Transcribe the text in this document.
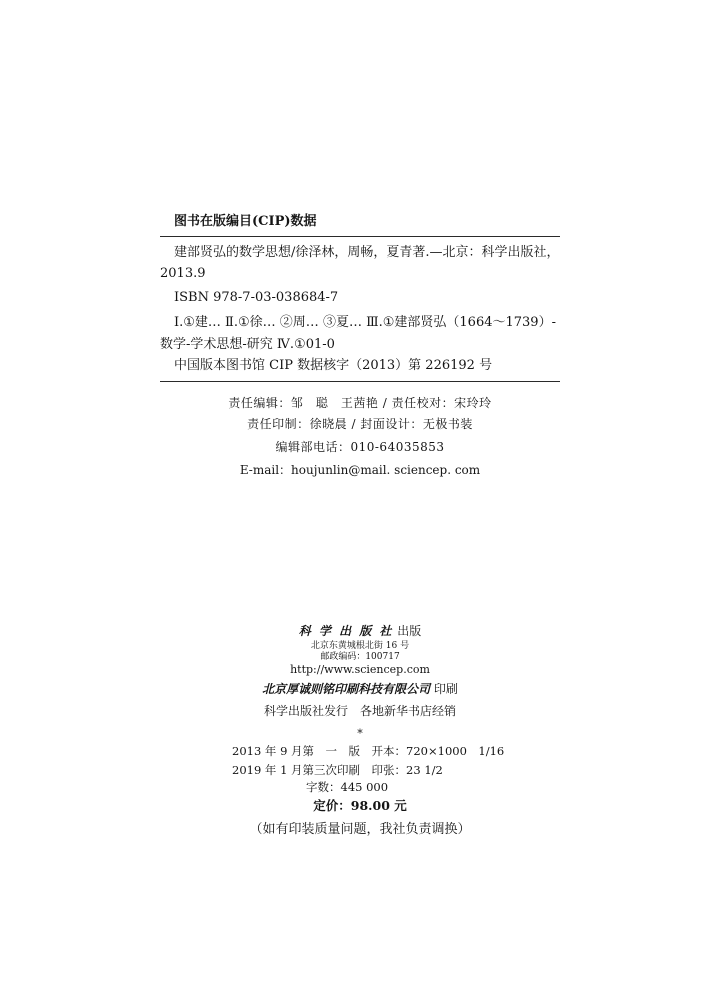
图书在版编目(CIP)数据
建部贤弘的数学思想/徐泽林，周畅，夏青著.—北京：科学出版社，
2013.9
ISBN 978-7-03-038684-7
Ⅰ.①建… Ⅱ.①徐… ②周… ③夏… Ⅲ.①建部贤弘（1664～1739）-
数学-学术思想-研究 Ⅳ.①01-0
中国版本图书馆 CIP 数据核字（2013）第 226192 号
责任编辑：邹　聪　王茜艳 / 责任校对：宋玲玲
责任印制：徐晓晨 / 封面设计：无极书装
编辑部电话：010-64035853
E-mail：houjunlin@mail. sciencep. com
科 学 出 版 社 出版
北京东黄城根北街 16 号
邮政编码：100717
http://www.sciencep.com
北京厚诚则铭印刷科技有限公司 印刷
科学出版社发行　各地新华书店经销
*
2013 年 9 月第　一　版　开本：720×1000　1/16
2019 年 1 月第三次印刷　印张：23 1/2
字数：445 000
定价：98.00 元
（如有印装质量问题，我社负责调换）
